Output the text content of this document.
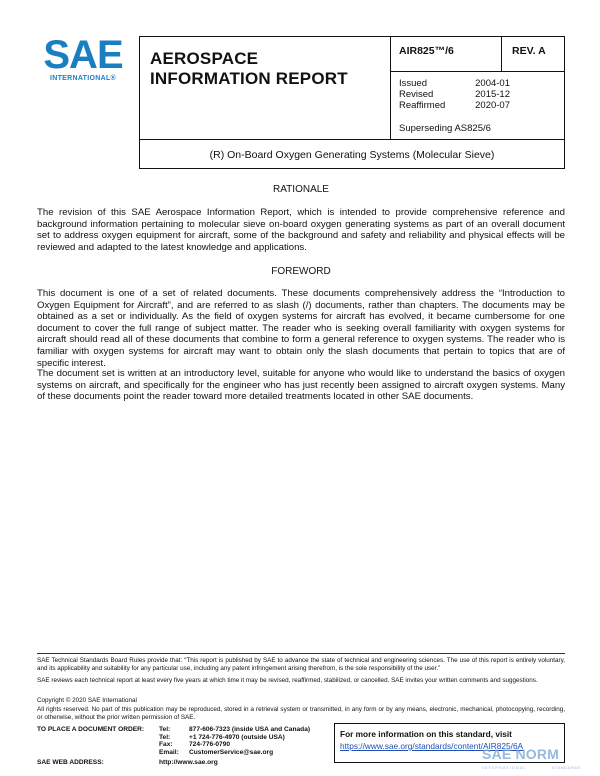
SAE
INTERNATIONAL®
AEROSPACE
INFORMATION REPORT
AIR825™/6	REV. A
Issued	2004-01
Revised	2015-12
Reaffirmed	2020-07
Superseding AS825/6
(R) On-Board Oxygen Generating Systems (Molecular Sieve)
RATIONALE
The revision of this SAE Aerospace Information Report, which is intended to provide comprehensive reference and background information pertaining to molecular sieve on-board oxygen generating systems as part of an overall document set to address oxygen equipment for aircraft, some of the background and safety and reliability and physical effects will be reviewed and adapted to the latest knowledge and applications.
FOREWORD
This document is one of a set of related documents. These documents comprehensively address the “Introduction to Oxygen Equipment for Aircraft”, and are referred to as slash (/) documents, rather than chapters. The documents may be obtained as a set or individually. As the field of oxygen systems for aircraft has evolved, it became cumbersome for one document to cover the full range of subject matter. The reader who is seeking overall familiarity with oxygen systems for aircraft should read all of these documents that combine to form a general reference to oxygen systems. The reader who is familiar with oxygen systems for aircraft may want to obtain only the slash documents that pertain to topics that are of specific interest.
The document set is written at an introductory level, suitable for anyone who would like to understand the basics of oxygen systems on aircraft, and specifically for the engineer who has just recently been assigned to aircraft oxygen systems. Many of these documents point the reader toward more detailed treatments located in other SAE documents.
SAE Technical Standards Board Rules provide that: “This report is published by SAE to advance the state of technical and engineering sciences. The use of this report is entirely voluntary, and its applicability and suitability for any particular use, including any patent infringement arising therefrom, is the sole responsibility of the user.”
SAE reviews each technical report at least every five years at which time it may be revised, reaffirmed, stabilized, or cancelled. SAE invites your written comments and suggestions.
Copyright © 2020 SAE International
All rights reserved. No part of this publication may be reproduced, stored in a retrieval system or transmitted, in any form or by any means, electronic, mechanical, photocopying, recording, or otherwise, without the prior written permission of SAE.
TO PLACE A DOCUMENT ORDER:	Tel:	877-606-7323 (inside USA and Canada)
Tel:	+1 724-776-4970 (outside USA)
Fax: 724-776-0790
Email: CustomerService@sae.org
SAE WEB ADDRESS:	http://www.sae.org
For more information on this standard, visit
https://www.sae.org/standards/content/AIR825/6A
SAE NORM
INTERNATIONAL	STANDARDS
